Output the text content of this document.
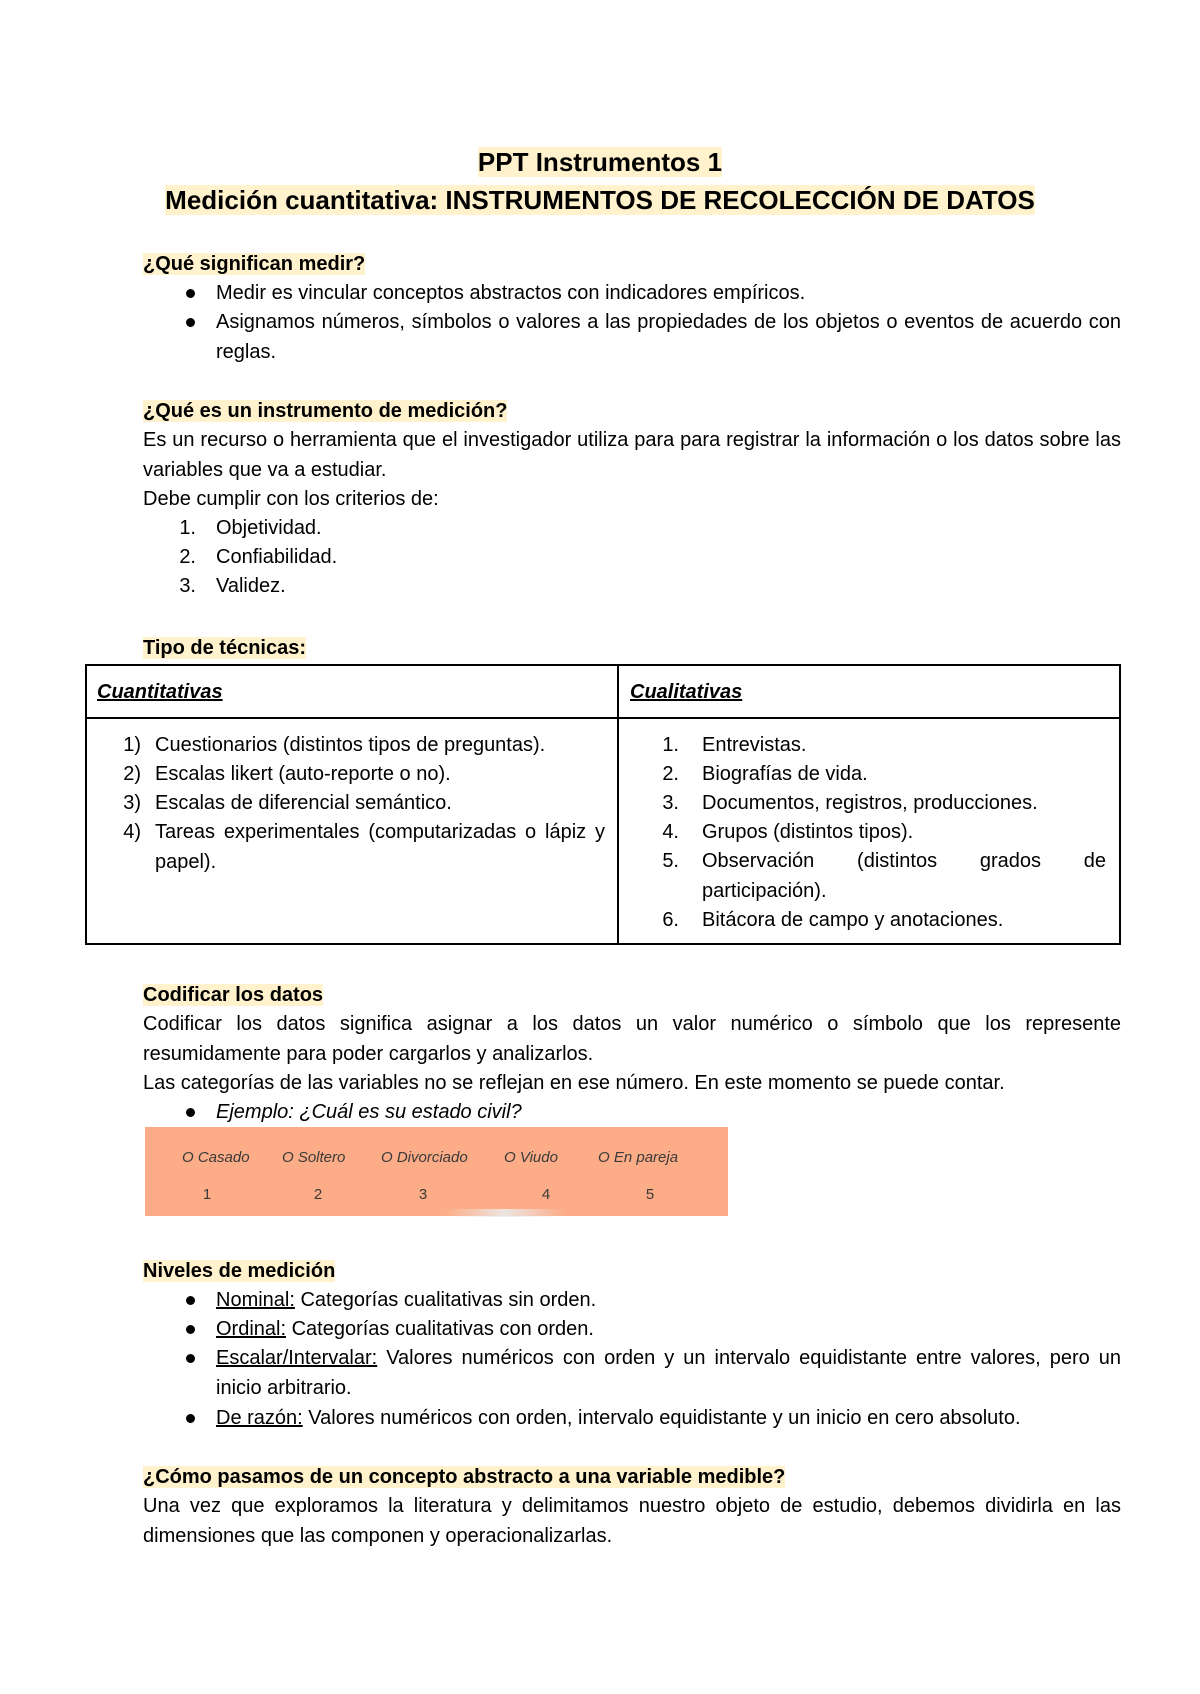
PPT Instrumentos 1
Medición cuantitativa: INSTRUMENTOS DE RECOLECCIÓN DE DATOS
¿Qué significan medir?
Medir es vincular conceptos abstractos con indicadores empíricos.
Asignamos números, símbolos o valores a las propiedades de los objetos o eventos de acuerdo con reglas.
¿Qué es un instrumento de medición?
Es un recurso o herramienta que el investigador utiliza para para registrar la información o los datos sobre las variables que va a estudiar.
Debe cumplir con los criterios de:
1. Objetividad.
2. Confiabilidad.
3. Validez.
Tipo de técnicas:
Cuantitativas	Cualitativas
1) Cuestionarios (distintos tipos de preguntas).
2) Escalas likert (auto-reporte o no).
3) Escalas de diferencial semántico.
4) Tareas experimentales (computarizadas o lápiz y papel).
1. Entrevistas.
2. Biografías de vida.
3. Documentos, registros, producciones.
4. Grupos (distintos tipos).
5. Observación (distintos grados de participación).
6. Bitácora de campo y anotaciones.
Codificar los datos
Codificar los datos significa asignar a los datos un valor numérico o símbolo que los represente resumidamente para poder cargarlos y analizarlos.
Las categorías de las variables no se reflejan en ese número. En este momento se puede contar.
Ejemplo: ¿Cuál es su estado civil?
O Casado O Soltero O Divorciado O Viudo	O En pareja
1	2	3	4	5
Niveles de medición
Nominal: Categorías cualitativas sin orden.
Ordinal: Categorías cualitativas con orden.
Escalar/Intervalar: Valores numéricos con orden y un intervalo equidistante entre valores, pero un inicio arbitrario.
De razón: Valores numéricos con orden, intervalo equidistante y un inicio en cero absoluto.
¿Cómo pasamos de un concepto abstracto a una variable medible?
Una vez que exploramos la literatura y delimitamos nuestro objeto de estudio, debemos dividirla en las dimensiones que las componen y operacionalizarlas.
